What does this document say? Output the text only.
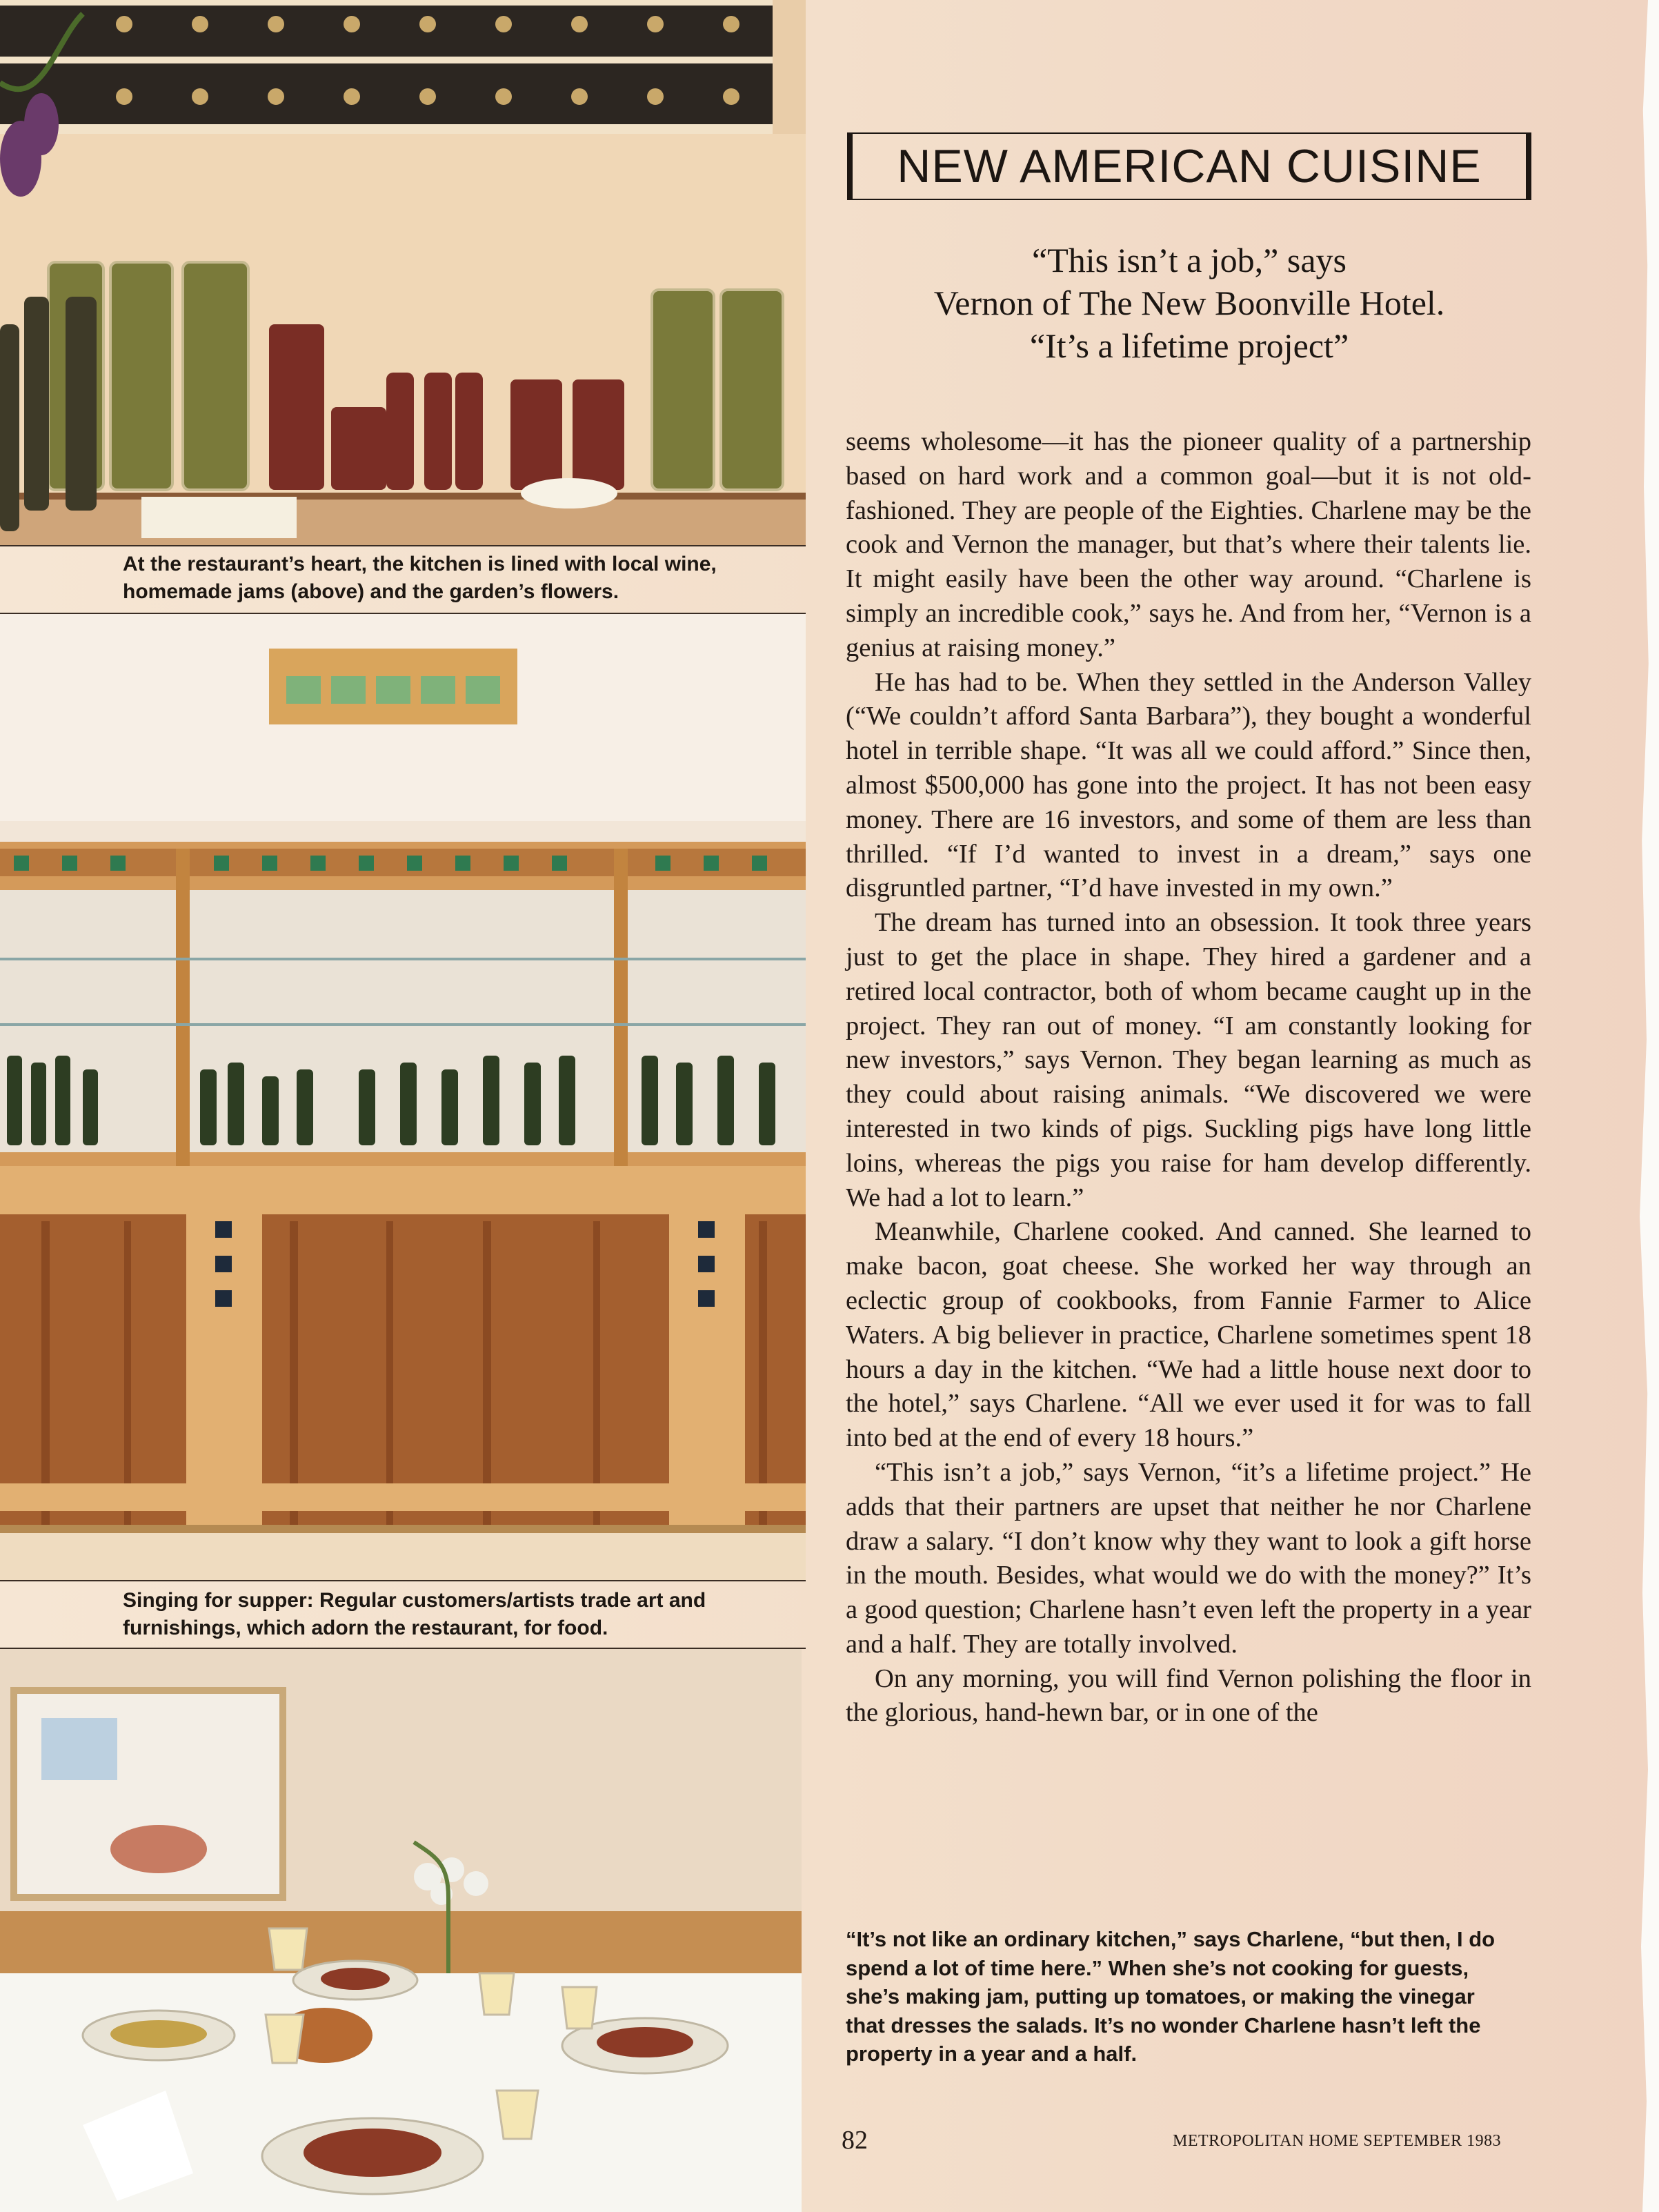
At the restaurant’s heart, the kitchen is lined with local wine, homemade jams (above) and the garden’s flowers.
Singing for supper: Regular customers/artists trade art and furnishings, which adorn the restaurant, for food.
NEW AMERICAN CUISINE
“This isn’t a job,” says
Vernon of The New Boonville Hotel.
“It’s a lifetime project”

seems wholesome—it has the pioneer quality of a partnership based on hard work and a common goal—but it is not old-fashioned. They are people of the Eighties. Charlene may be the cook and Vernon the manager, but that’s where their talents lie. It might easily have been the other way around. “Charlene is simply an incredible cook,” says he. And from her, “Vernon is a genius at raising money.”

He has had to be. When they settled in the Anderson Valley (“We couldn’t afford Santa Barbara”), they bought a wonderful hotel in terrible shape. “It was all we could afford.” Since then, almost $500,000 has gone into the project. It has not been easy money. There are 16 investors, and some of them are less than thrilled. “If I’d wanted to invest in a dream,” says one disgruntled partner, “I’d have invested in my own.”

The dream has turned into an obsession. It took three years just to get the place in shape. They hired a gardener and a retired local contractor, both of whom became caught up in the project. They ran out of money. “I am constantly looking for new investors,” says Vernon. They began learning as much as they could about raising animals. “We discovered we were interested in two kinds of pigs. Suckling pigs have long little loins, whereas the pigs you raise for ham develop differently. We had a lot to learn.”

Meanwhile, Charlene cooked. And canned. She learned to make bacon, goat cheese. She worked her way through an eclectic group of cookbooks, from Fannie Farmer to Alice Waters. A big believer in practice, Charlene sometimes spent 18 hours a day in the kitchen. “We had a little house next door to the hotel,” says Charlene. “All we ever used it for was to fall into bed at the end of every 18 hours.”

“This isn’t a job,” says Vernon, “it’s a lifetime project.” He adds that their partners are upset that neither he nor Charlene draw a salary. “I don’t know why they want to look a gift horse in the mouth. Besides, what would we do with the money?” It’s a good question; Charlene hasn’t even left the property in a year and a half. They are totally involved.

On any morning, you will find Vernon polishing the floor in the glorious, hand-hewn bar, or in one of the

“It’s not like an ordinary kitchen,” says Charlene, “but then, I do spend a lot of time here.” When she’s not cooking for guests, she’s making jam, putting up tomatoes, or making the vinegar that dresses the salads. It’s no wonder Charlene hasn’t left the property in a year and a half.
82	METROPOLITAN HOME SEPTEMBER 1983
